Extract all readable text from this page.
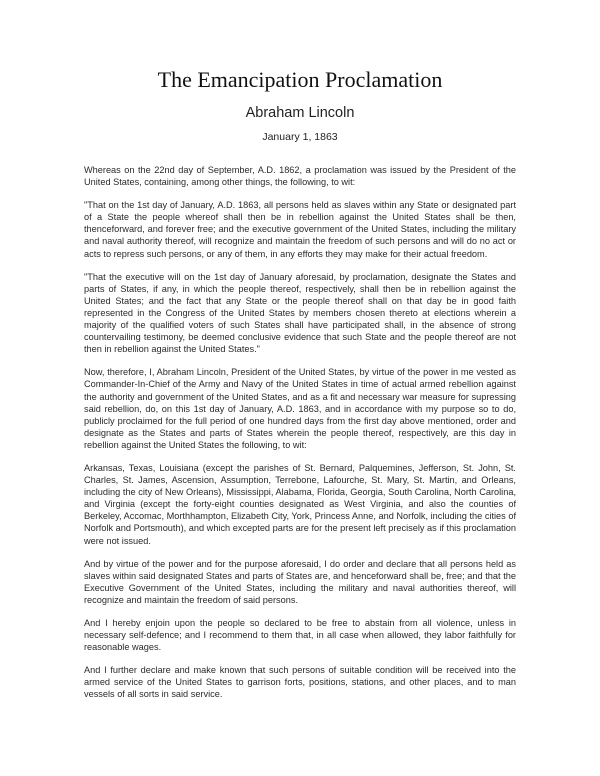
The Emancipation Proclamation
Abraham Lincoln
January 1, 1863

Whereas on the 22nd day of September, A.D. 1862, a proclamation was issued by the President of the United States, containing, among other things, the following, to wit:

"That on the 1st day of January, A.D. 1863, all persons held as slaves within any State or designated part of a State the people whereof shall then be in rebellion against the United States shall be then, thenceforward, and forever free; and the executive government of the United States, including the military and naval authority thereof, will recognize and maintain the freedom of such persons and will do no act or acts to repress such persons, or any of them, in any efforts they may make for their actual freedom.

"That the executive will on the 1st day of January aforesaid, by proclamation, designate the States and parts of States, if any, in which the people thereof, respectively, shall then be in rebellion against the United States; and the fact that any State or the people thereof shall on that day be in good faith represented in the Congress of the United States by members chosen thereto at elections wherein a majority of the qualified voters of such States shall have participated shall, in the absence of strong countervailing testimony, be deemed conclusive evidence that such State and the people thereof are not then in rebellion against the United States."

Now, therefore, I, Abraham Lincoln, President of the United States, by virtue of the power in me vested as Commander-In-Chief of the Army and Navy of the United States in time of actual armed rebellion against the authority and government of the United States, and as a fit and necessary war measure for supressing said rebellion, do, on this 1st day of January, A.D. 1863, and in accordance with my purpose so to do, publicly proclaimed for the full period of one hundred days from the first day above mentioned, order and designate as the States and parts of States wherein the people thereof, respectively, are this day in rebellion against the United States the following, to wit:

Arkansas, Texas, Louisiana (except the parishes of St. Bernard, Palquemines, Jefferson, St. John, St. Charles, St. James, Ascension, Assumption, Terrebone, Lafourche, St. Mary, St. Martin, and Orleans, including the city of New Orleans), Mississippi, Alabama, Florida, Georgia, South Carolina, North Carolina, and Virginia (except the forty-eight counties designated as West Virginia, and also the counties of Berkeley, Accomac, Morthhampton, Elizabeth City, York, Princess Anne, and Norfolk, including the cities of Norfolk and Portsmouth), and which excepted parts are for the present left precisely as if this proclamation were not issued.

And by virtue of the power and for the purpose aforesaid, I do order and declare that all persons held as slaves within said designated States and parts of States are, and henceforward shall be, free; and that the Executive Government of the United States, including the military and naval authorities thereof, will recognize and maintain the freedom of said persons.

And I hereby enjoin upon the people so declared to be free to abstain from all violence, unless in necessary self-defence; and I recommend to them that, in all case when allowed, they labor faithfully for reasonable wages.

And I further declare and make known that such persons of suitable condition will be received into the armed service of the United States to garrison forts, positions, stations, and other places, and to man vessels of all sorts in said service.
